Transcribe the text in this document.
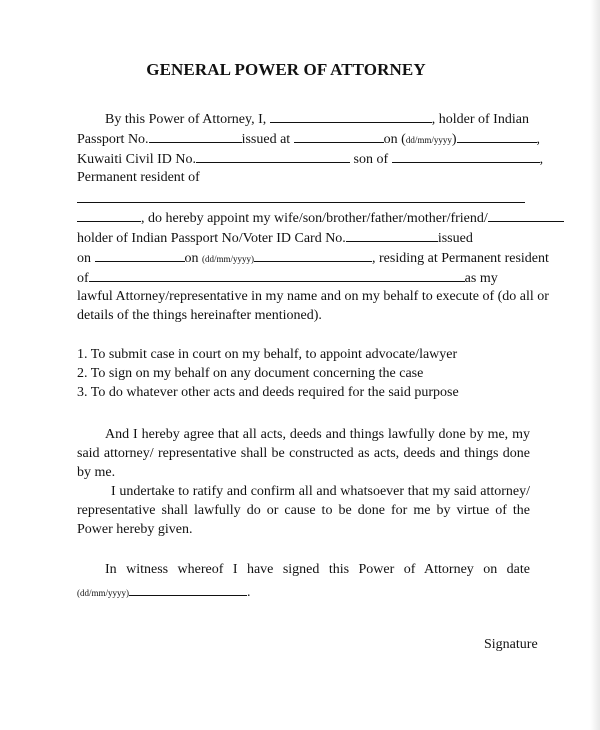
GENERAL POWER OF ATTORNEY
By this Power of Attorney, I,	, holder of Indian
Passport No.	issued at	on (dd/mm/yyyy)	,
Kuwaiti Civil ID No.	son of	,
Permanent resident of
, do hereby appoint my wife/son/brother/father/mother/friend/
holder of Indian Passport No/Voter ID Card No.	issued
on	on (dd/mm/yyyy)	, residing at Permanent resident
of	as my
lawful Attorney/representative in my name and on my behalf to execute of (do all or
details of the things hereinafter mentioned).
1. To submit case in court on my behalf, to appoint advocate/lawyer
2. To sign on my behalf on any document concerning the case
3. To do whatever other acts and deeds required for the said purpose
And I hereby agree that all acts, deeds and things lawfully done by me, my said attorney/ representative shall be constructed as acts, deeds and things done by me.
I undertake to ratify and confirm all and whatsoever that my said attorney/ representative shall lawfully do or cause to be done for me by virtue of the Power hereby given.
In witness whereof I have signed this Power of Attorney on date
(dd/mm/yyyy)	.
Signature
